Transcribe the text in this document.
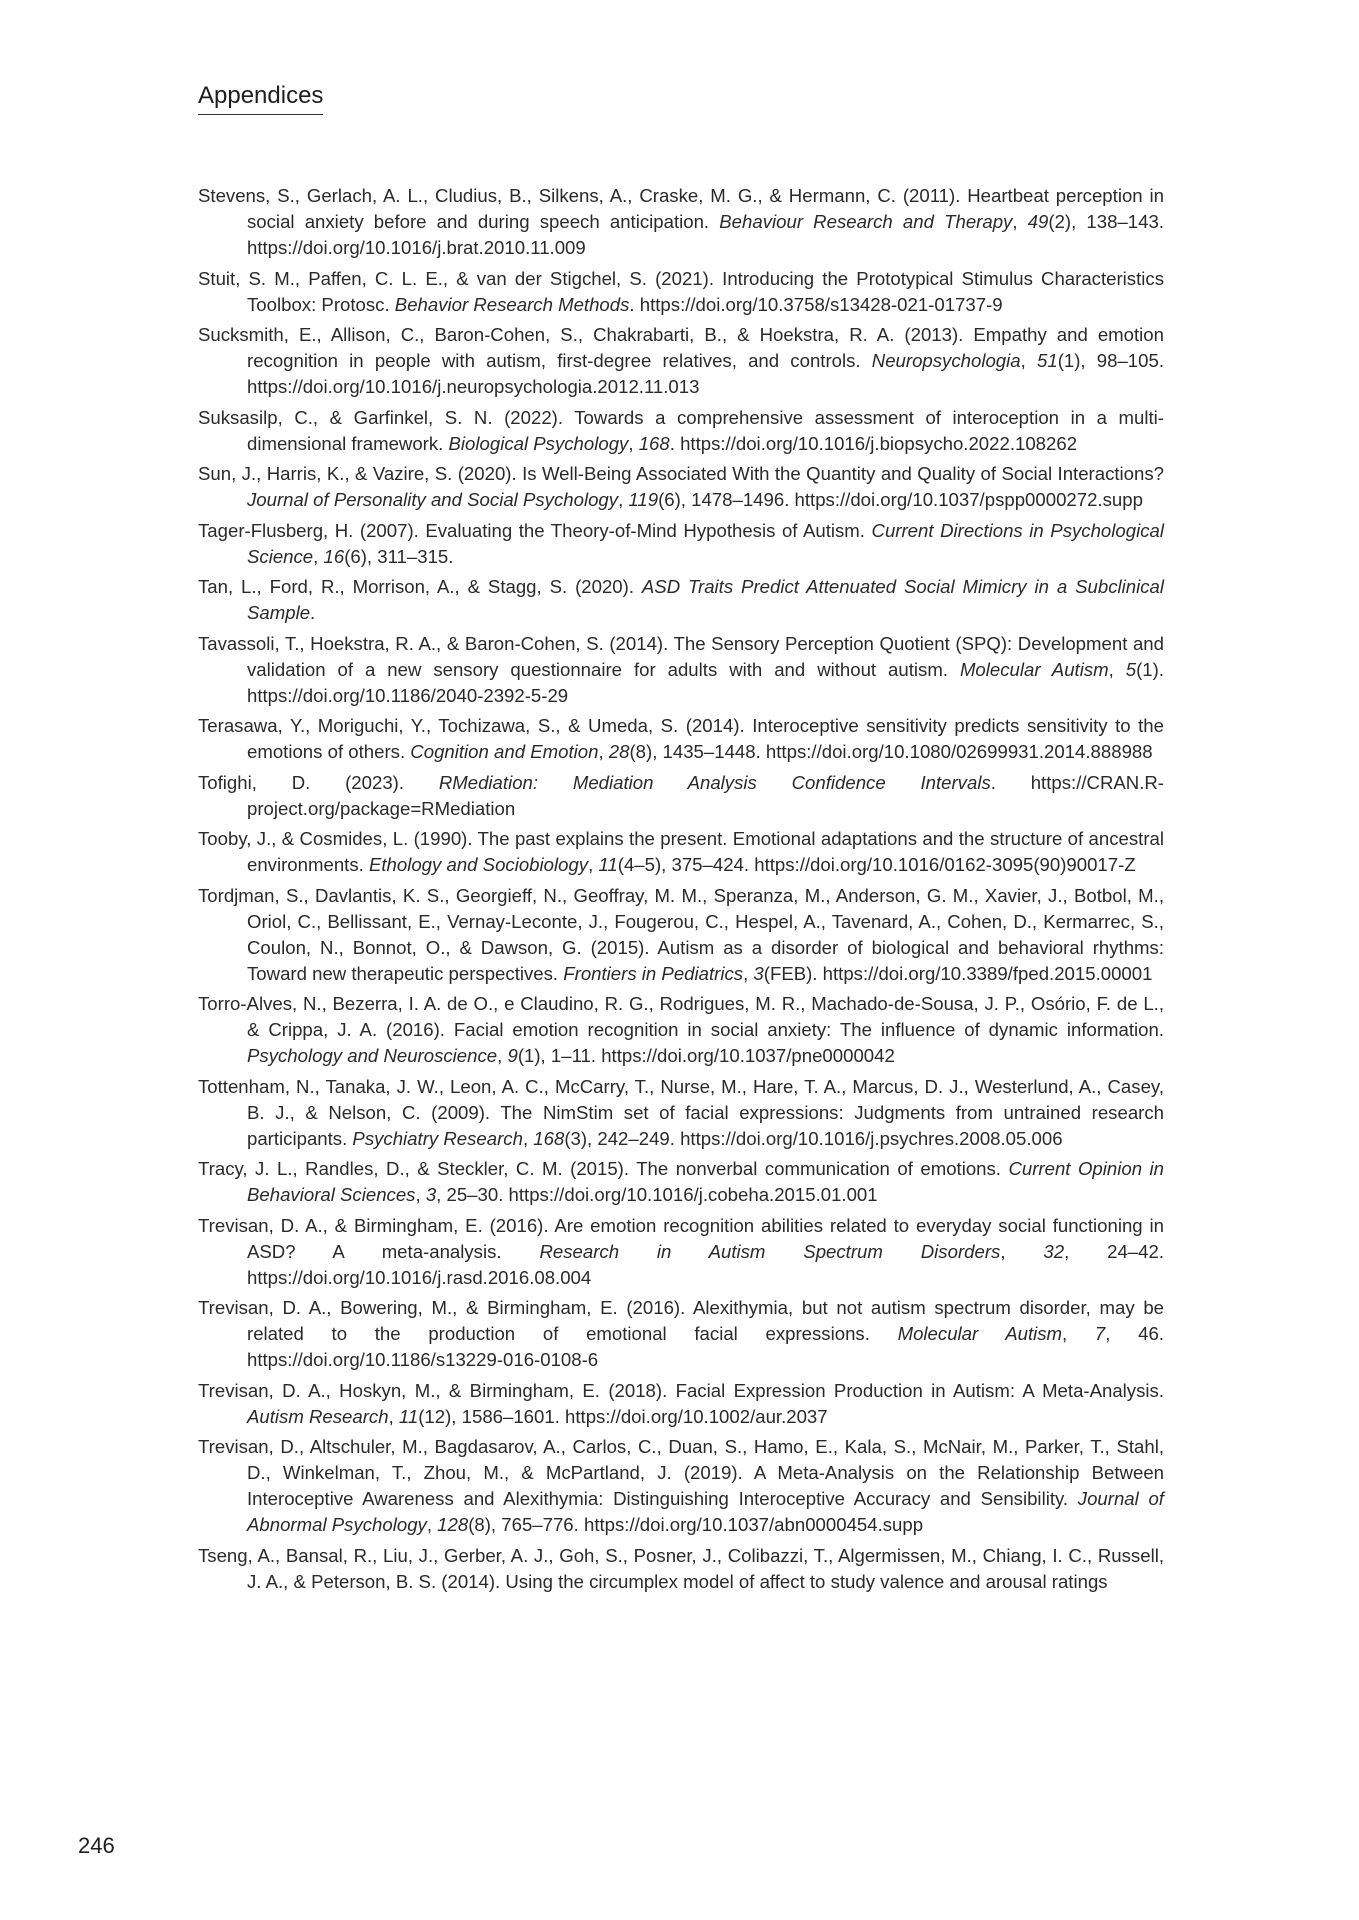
Appendices
Stevens, S., Gerlach, A. L., Cludius, B., Silkens, A., Craske, M. G., & Hermann, C. (2011). Heartbeat perception in social anxiety before and during speech anticipation. Behaviour Research and Therapy, 49(2), 138–143. https://doi.org/10.1016/j.brat.2010.11.009
Stuit, S. M., Paffen, C. L. E., & van der Stigchel, S. (2021). Introducing the Prototypical Stimulus Characteristics Toolbox: Protosc. Behavior Research Methods. https://doi.org/10.3758/s13428-021-01737-9
Sucksmith, E., Allison, C., Baron-Cohen, S., Chakrabarti, B., & Hoekstra, R. A. (2013). Empathy and emotion recognition in people with autism, first-degree relatives, and controls. Neuropsychologia, 51(1), 98–105. https://doi.org/10.1016/j.neuropsychologia.2012.11.013
Suksasilp, C., & Garfinkel, S. N. (2022). Towards a comprehensive assessment of interoception in a multi-dimensional framework. Biological Psychology, 168. https://doi.org/10.1016/j.biopsycho.2022.108262
Sun, J., Harris, K., & Vazire, S. (2020). Is Well-Being Associated With the Quantity and Quality of Social Interactions? Journal of Personality and Social Psychology, 119(6), 1478–1496. https://doi.org/10.1037/pspp0000272.supp
Tager-Flusberg, H. (2007). Evaluating the Theory-of-Mind Hypothesis of Autism. Current Directions in Psychological Science, 16(6), 311–315.
Tan, L., Ford, R., Morrison, A., & Stagg, S. (2020). ASD Traits Predict Attenuated Social Mimicry in a Subclinical Sample.
Tavassoli, T., Hoekstra, R. A., & Baron-Cohen, S. (2014). The Sensory Perception Quotient (SPQ): Development and validation of a new sensory questionnaire for adults with and without autism. Molecular Autism, 5(1). https://doi.org/10.1186/2040-2392-5-29
Terasawa, Y., Moriguchi, Y., Tochizawa, S., & Umeda, S. (2014). Interoceptive sensitivity predicts sensitivity to the emotions of others. Cognition and Emotion, 28(8), 1435–1448. https://doi.org/10.1080/02699931.2014.888988
Tofighi, D. (2023). RMediation: Mediation Analysis Confidence Intervals. https://CRAN.R-project.org/package=RMediation
Tooby, J., & Cosmides, L. (1990). The past explains the present. Emotional adaptations and the structure of ancestral environments. Ethology and Sociobiology, 11(4–5), 375–424. https://doi.org/10.1016/0162-3095(90)90017-Z
Tordjman, S., Davlantis, K. S., Georgieff, N., Geoffray, M. M., Speranza, M., Anderson, G. M., Xavier, J., Botbol, M., Oriol, C., Bellissant, E., Vernay-Leconte, J., Fougerou, C., Hespel, A., Tavenard, A., Cohen, D., Kermarrec, S., Coulon, N., Bonnot, O., & Dawson, G. (2015). Autism as a disorder of biological and behavioral rhythms: Toward new therapeutic perspectives. Frontiers in Pediatrics, 3(FEB). https://doi.org/10.3389/fped.2015.00001
Torro-Alves, N., Bezerra, I. A. de O., e Claudino, R. G., Rodrigues, M. R., Machado-de-Sousa, J. P., Osório, F. de L., & Crippa, J. A. (2016). Facial emotion recognition in social anxiety: The influence of dynamic information. Psychology and Neuroscience, 9(1), 1–11. https://doi.org/10.1037/pne0000042
Tottenham, N., Tanaka, J. W., Leon, A. C., McCarry, T., Nurse, M., Hare, T. A., Marcus, D. J., Westerlund, A., Casey, B. J., & Nelson, C. (2009). The NimStim set of facial expressions: Judgments from untrained research participants. Psychiatry Research, 168(3), 242–249. https://doi.org/10.1016/j.psychres.2008.05.006
Tracy, J. L., Randles, D., & Steckler, C. M. (2015). The nonverbal communication of emotions. Current Opinion in Behavioral Sciences, 3, 25–30. https://doi.org/10.1016/j.cobeha.2015.01.001
Trevisan, D. A., & Birmingham, E. (2016). Are emotion recognition abilities related to everyday social functioning in ASD? A meta-analysis. Research in Autism Spectrum Disorders, 32, 24–42. https://doi.org/10.1016/j.rasd.2016.08.004
Trevisan, D. A., Bowering, M., & Birmingham, E. (2016). Alexithymia, but not autism spectrum disorder, may be related to the production of emotional facial expressions. Molecular Autism, 7, 46. https://doi.org/10.1186/s13229-016-0108-6
Trevisan, D. A., Hoskyn, M., & Birmingham, E. (2018). Facial Expression Production in Autism: A Meta-Analysis. Autism Research, 11(12), 1586–1601. https://doi.org/10.1002/aur.2037
Trevisan, D., Altschuler, M., Bagdasarov, A., Carlos, C., Duan, S., Hamo, E., Kala, S., McNair, M., Parker, T., Stahl, D., Winkelman, T., Zhou, M., & McPartland, J. (2019). A Meta-Analysis on the Relationship Between Interoceptive Awareness and Alexithymia: Distinguishing Interoceptive Accuracy and Sensibility. Journal of Abnormal Psychology, 128(8), 765–776. https://doi.org/10.1037/abn0000454.supp
Tseng, A., Bansal, R., Liu, J., Gerber, A. J., Goh, S., Posner, J., Colibazzi, T., Algermissen, M., Chiang, I. C., Russell, J. A., & Peterson, B. S. (2014). Using the circumplex model of affect to study valence and arousal ratings
246
